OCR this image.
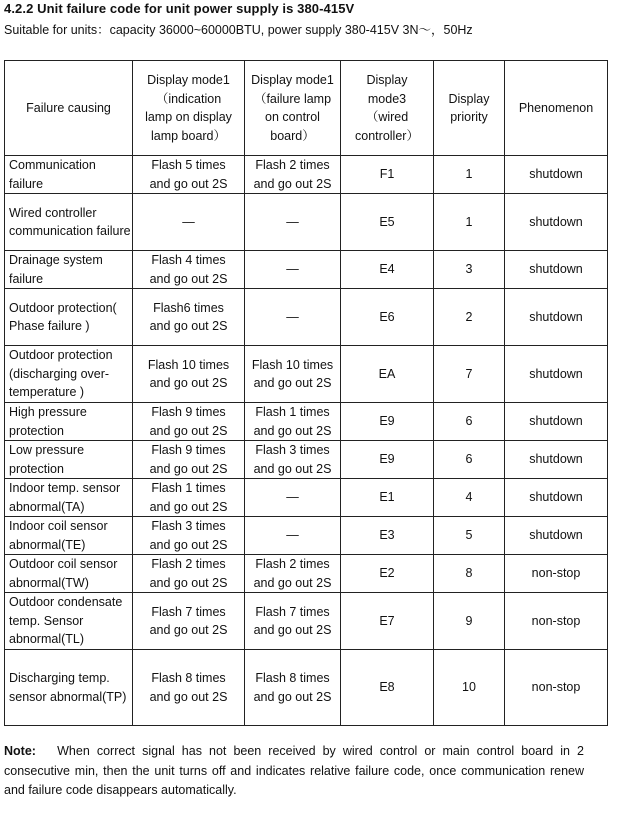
4.2.2 Unit failure code for unit power supply is 380-415V
Suitable for units：capacity 36000~60000BTU, power supply 380-415V 3N～，50Hz
Failure causing	Display mode1 （indication lamp on display lamp board）	Display mode1 （failure lamp on control board）	Display mode3 （wired controller）	Display priority	Phenomenon
Communication failure	Flash 5 times and go out 2S	Flash 2 times and go out 2S	F1	1	shutdown
Wired controller communication failure	—	—	E5	1	shutdown
Drainage system failure	Flash 4 times and go out 2S	—	E4	3	shutdown
Outdoor protection( Phase failure )	Flash6 times and go out 2S	—	E6	2	shutdown
Outdoor protection (discharging over-temperature )	Flash 10 times and go out 2S	Flash 10 times and go out 2S	EA	7	shutdown
High pressure protection	Flash 9 times and go out 2S	Flash 1 times and go out 2S	E9	6	shutdown
Low pressure protection	Flash 9 times and go out 2S	Flash 3 times and go out 2S	E9	6	shutdown
Indoor temp. sensor abnormal(TA)	Flash 1 times and go out 2S	—	E1	4	shutdown
Indoor coil sensor abnormal(TE)	Flash 3 times and go out 2S	—	E3	5	shutdown
Outdoor coil sensor abnormal(TW)	Flash 2 times and go out 2S	Flash 2 times and go out 2S	E2	8	non-stop
Outdoor condensate temp. Sensor abnormal(TL)	Flash 7 times and go out 2S	Flash 7 times and go out 2S	E7	9	non-stop
Discharging temp. sensor abnormal(TP)	Flash 8 times and go out 2S	Flash 8 times and go out 2S	E8	10	non-stop
Note: When correct signal has not been received by wired control or main control board in 2 consecutive min, then the unit turns off and indicates relative failure code, once communication renew and failure code disappears automatically.
